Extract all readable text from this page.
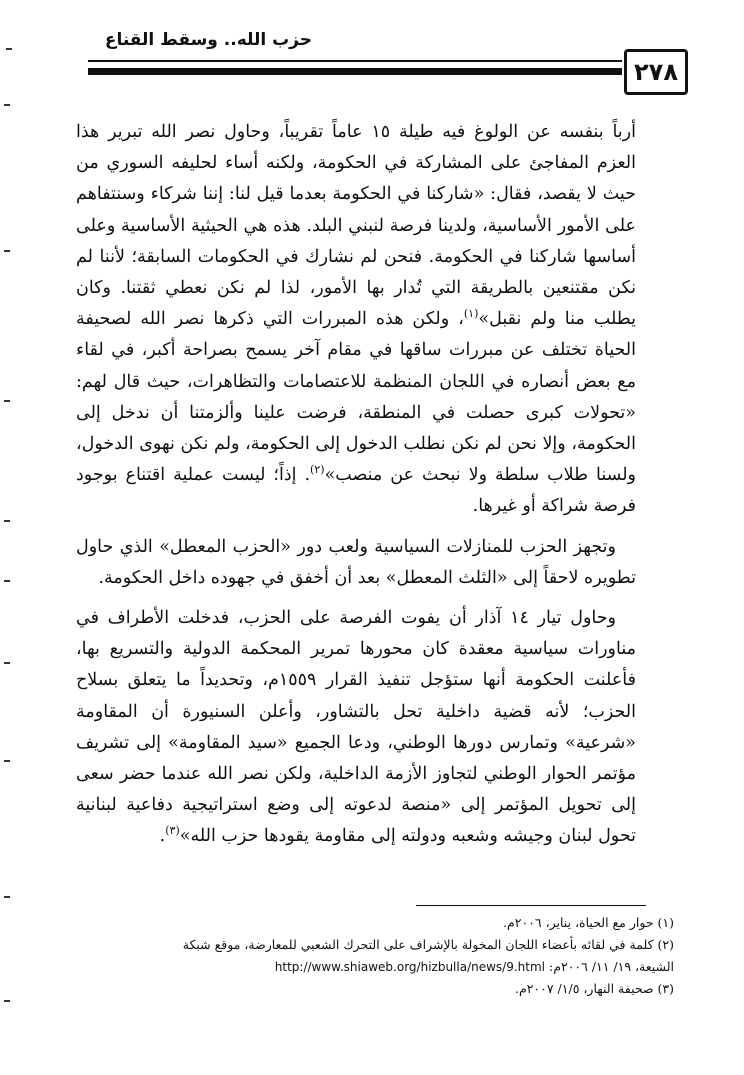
حزب الله.. وسقط القناع
٢٧٨

أرباً بنفسه عن الولوغ فيه طيلة ١٥ عاماً تقريباً، وحاول نصر الله تبرير هذا العزم المفاجئ على المشاركة في الحكومة، ولكنه أساء لحليفه السوري من حيث لا يقصد، فقال: «شاركنا في الحكومة بعدما قيل لنا: إننا شركاء وسنتفاهم على الأمور الأساسية، ولدينا فرصة لنبني البلد. هذه هي الحيثية الأساسية وعلى أساسها شاركنا في الحكومة. فنحن لم نشارك في الحكومات السابقة؛ لأننا لم نكن مقتنعين بالطريقة التي تُدار بها الأمور، لذا لم نكن نعطي ثقتنا. وكان يطلب منا ولم نقبل»$^{(١)}$، ولكن هذه المبررات التي ذكرها نصر الله لصحيفة الحياة تختلف عن مبررات ساقها في مقام آخر يسمح بصراحة أكبر، في لقاء مع بعض أنصاره في اللجان المنظمة للاعتصامات والتظاهرات، حيث قال لهم: «تحولات كبرى حصلت في المنطقة، فرضت علينا وألزمتنا أن ندخل إلى الحكومة، وإلا نحن لم نكن نطلب الدخول إلى الحكومة، ولم نكن نهوى الدخول، ولسنا طلاب سلطة ولا نبحث عن منصب»$^{(٢)}$. إذاً؛ ليست عملية اقتناع بوجود فرصة شراكة أو غيرها.

وتجهز الحزب للمنازلات السياسية ولعب دور «الحزب المعطل» الذي حاول تطويره لاحقاً إلى «الثلث المعطل» بعد أن أخفق في جهوده داخل الحكومة.

وحاول تيار ١٤ آذار أن يفوت الفرصة على الحزب، فدخلت الأطراف في مناورات سياسية معقدة كان محورها تمرير المحكمة الدولية والتسريع بها، فأعلنت الحكومة أنها ستؤجل تنفيذ القرار ١٥٥٩م، وتحديداً ما يتعلق بسلاح الحزب؛ لأنه قضية داخلية تحل بالتشاور، وأعلن السنيورة أن المقاومة «شرعية» وتمارس دورها الوطني، ودعا الجميع «سيد المقاومة» إلى تشريف مؤتمر الحوار الوطني لتجاوز الأزمة الداخلية، ولكن نصر الله عندما حضر سعى إلى تحويل المؤتمر إلى «منصة لدعوته إلى وضع استراتيجية دفاعية لبنانية تحول لبنان وجيشه وشعبه ودولته إلى مقاومة يقودها حزب الله»$^{(٣)}$.

(١) حوار مع الحياة، يناير، ٢٠٠٦م.
(٢) كلمة في لقائه بأعضاء اللجان المخولة بالإشراف على التحرك الشعبي للمعارضة، موقع شبكة
الشيعة، ١٩/ ١١/ ٢٠٠٦م: http://www.shiaweb.org/hizbulla/news/9.html
(٣) صحيفة النهار، ١/٥/ ٢٠٠٧م.
